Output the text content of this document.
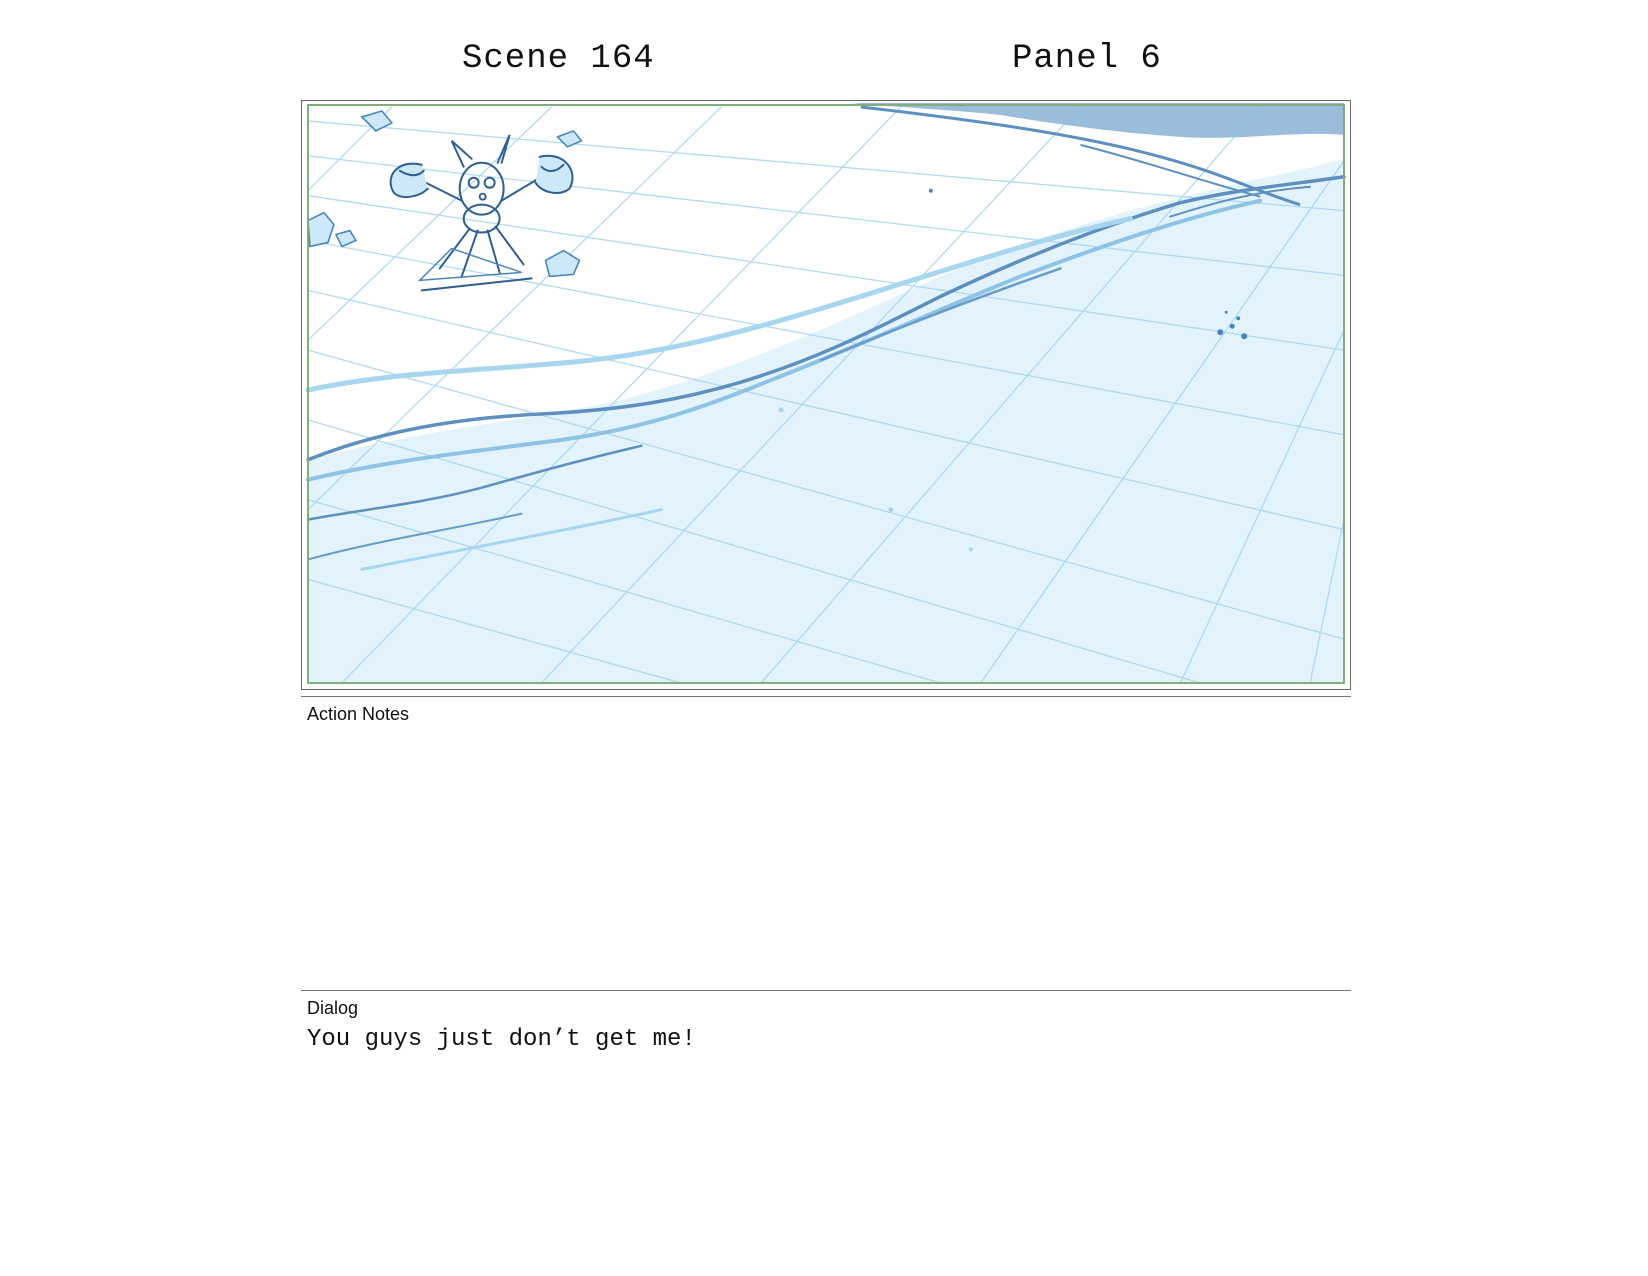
Scene 164	Panel 6
Action Notes
Dialog
You guys just don’t get me!
